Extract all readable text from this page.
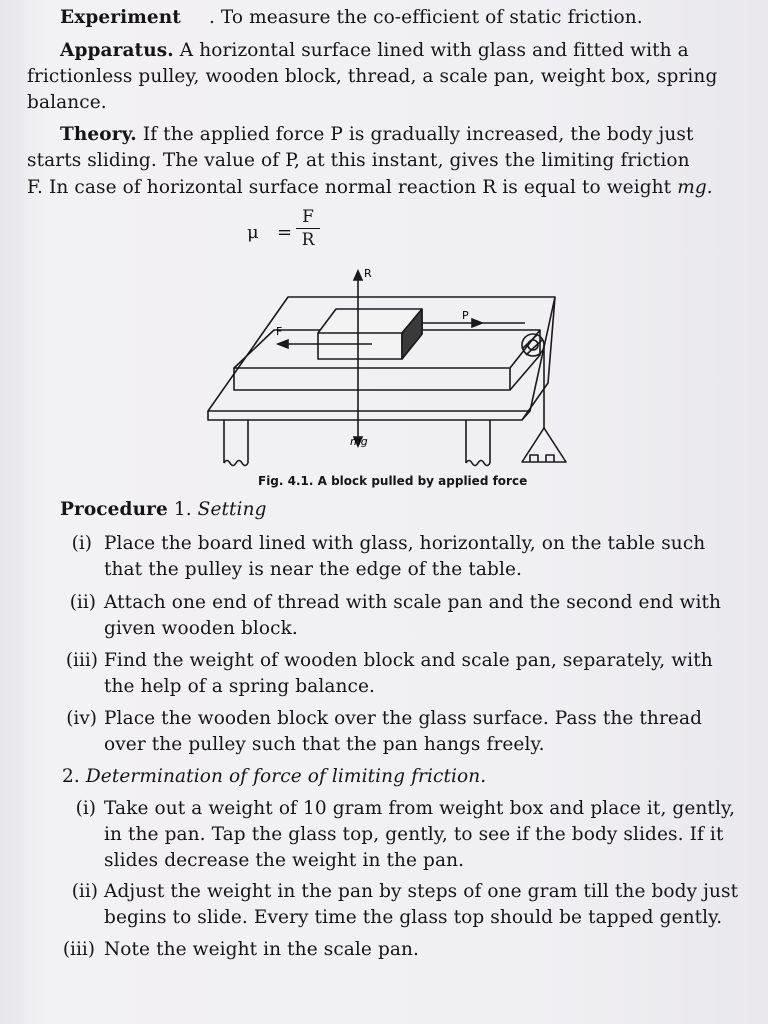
Experiment . To measure the co-efficient of static friction.
Apparatus. A horizontal surface lined with glass and fitted with a
frictionless pulley, wooden block, thread, a scale pan, weight box, spring
balance.
Theory. If the applied force P is gradually increased, the body just
starts sliding. The value of P, at this instant, gives the limiting friction
F. In case of horizontal surface normal reaction R is equal to weight mg.
μ =
F
R
R
F
P
mg
Fig. 4.1. A block pulled by applied force
Procedure 1. Setting
(i) Place the board lined with glass, horizontally, on the table such
that the pulley is near the edge of the table.
(ii) Attach one end of thread with scale pan and the second end with
given wooden block.
(iii) Find the weight of wooden block and scale pan, separately, with
the help of a spring balance.
(iv) Place the wooden block over the glass surface. Pass the thread
over the pulley such that the pan hangs freely.
2. Determination of force of limiting friction.
(i) Take out a weight of 10 gram from weight box and place it, gently,
in the pan. Tap the glass top, gently, to see if the body slides. If it
slides decrease the weight in the pan.
(ii) Adjust the weight in the pan by steps of one gram till the body just
begins to slide. Every time the glass top should be tapped gently.
(iii) Note the weight in the scale pan.
